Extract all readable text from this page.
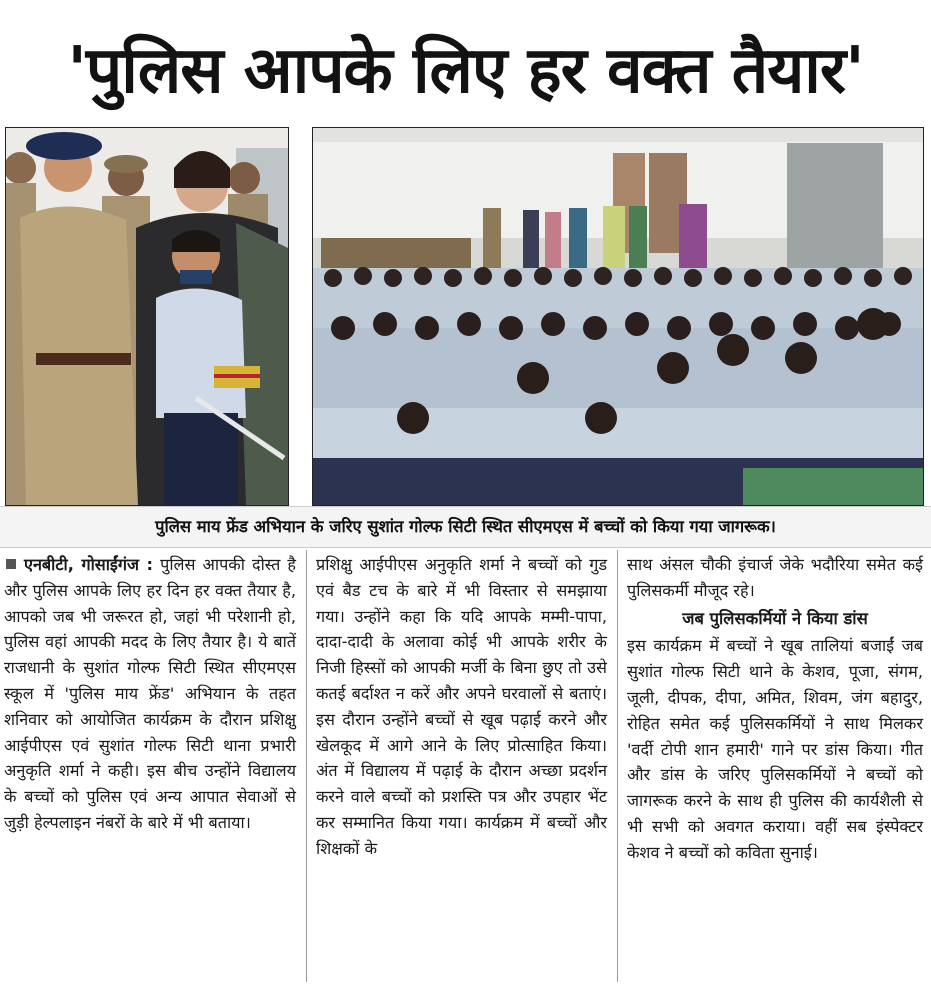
'पुलिस आपके लिए हर वक्त तैयार'
पुलिस माय फ्रेंड अभियान के जरिए सुशांत गोल्फ सिटी स्थित सीएमएस में बच्चों को किया गया जागरूक।

एनबीटी, गोसाईंगंज : पुलिस आपकी दोस्त है और पुलिस आपके लिए हर दिन हर वक्त तैयार है, आपको जब भी जरूरत हो, जहां भी परेशानी हो, पुलिस वहां आपकी मदद के लिए तैयार है। ये बातें राजधानी के सुशांत गोल्फ सिटी स्थित सीएमएस स्कूल में 'पुलिस माय फ्रेंड' अभियान के तहत शनिवार को आयोजित कार्यक्रम के दौरान प्रशिक्षु आईपीएस एवं सुशांत गोल्फ सिटी थाना प्रभारी अनुकृति शर्मा ने कही। इस बीच उन्होंने विद्यालय के बच्चों को पुलिस एवं अन्य आपात सेवाओं से जुड़ी हेल्पलाइन नंबरों के बारे में भी बताया।

प्रशिक्षु आईपीएस अनुकृति शर्मा ने बच्चों को गुड एवं बैड टच के बारे में भी विस्तार से समझाया गया। उन्होंने कहा कि यदि आपके मम्मी-पापा, दादा-दादी के अलावा कोई भी आपके शरीर के निजी हिस्सों को आपकी मर्जी के बिना छुए तो उसे कतई बर्दाश्त न करें और अपने घरवालों से बताएं। इस दौरान उन्होंने बच्चों से खूब पढ़ाई करने और खेलकूद में आगे आने के लिए प्रोत्साहित किया। अंत में विद्यालय में पढ़ाई के दौरान अच्छा प्रदर्शन करने वाले बच्चों को प्रशस्ति पत्र और उपहार भेंट कर सम्मानित किया गया। कार्यक्रम में बच्चों और शिक्षकों के

साथ अंसल चौकी इंचार्ज जेके भदौरिया समेत कई पुलिसकर्मी मौजूद रहे।

जब पुलिसकर्मियों ने किया डांस

इस कार्यक्रम में बच्चों ने खूब तालियां बजाईं जब सुशांत गोल्फ सिटी थाने के केशव, पूजा, संगम, जूली, दीपक, दीपा, अमित, शिवम, जंग बहादुर, रोहित समेत कई पुलिसकर्मियों ने साथ मिलकर 'वर्दी टोपी शान हमारी' गाने पर डांस किया। गीत और डांस के जरिए पुलिसकर्मियों ने बच्चों को जागरूक करने के साथ ही पुलिस की कार्यशैली से भी सभी को अवगत कराया। वहीं सब इंस्पेक्टर केशव ने बच्चों को कविता सुनाई।
